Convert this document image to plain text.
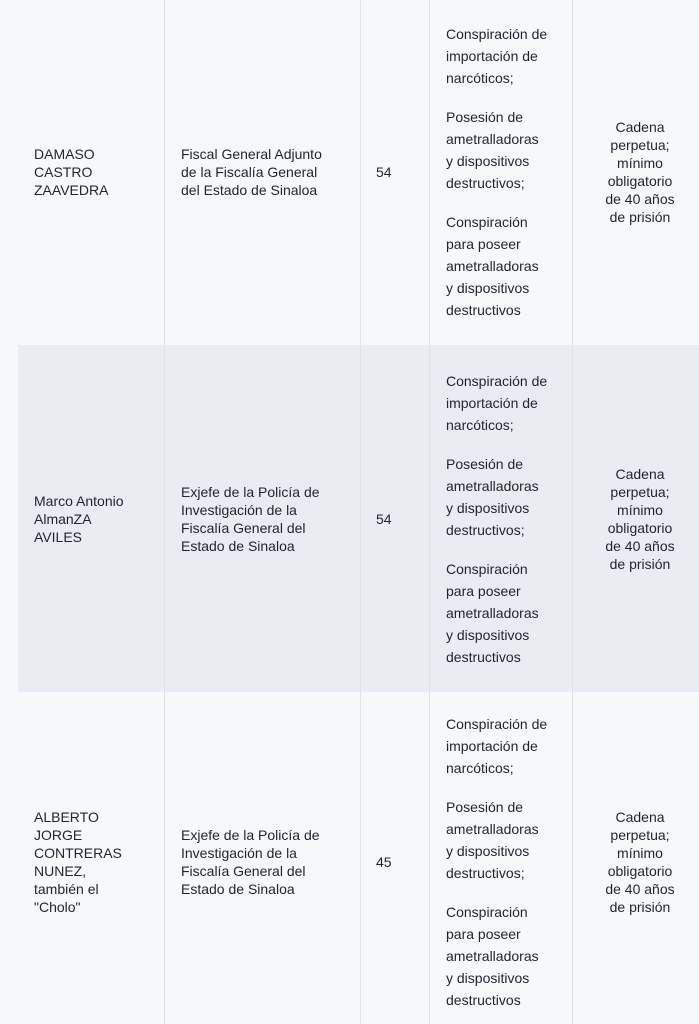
DAMASO
CASTRO
ZAAVEDRA
Fiscal General Adjunto
de la Fiscalía General
del Estado de Sinaloa
54
Conspiración de
importación de
narcóticos;
Posesión de
ametralladoras
y dispositivos
destructivos;
Conspiración
para poseer
ametralladoras
y dispositivos
destructivos
Cadena
perpetua;
mínimo
obligatorio
de 40 años
de prisión
Marco Antonio
AlmanZA
AVILES
Exjefe de la Policía de
Investigación de la
Fiscalía General del
Estado de Sinaloa
54
Conspiración de
importación de
narcóticos;
Posesión de
ametralladoras
y dispositivos
destructivos;
Conspiración
para poseer
ametralladoras
y dispositivos
destructivos
Cadena
perpetua;
mínimo
obligatorio
de 40 años
de prisión
ALBERTO
JORGE
CONTRERAS
NUNEZ,
también el
"Cholo"
Exjefe de la Policía de
Investigación de la
Fiscalía General del
Estado de Sinaloa
45
Conspiración de
importación de
narcóticos;
Posesión de
ametralladoras
y dispositivos
destructivos;
Conspiración
para poseer
ametralladoras
y dispositivos
destructivos
Cadena
perpetua;
mínimo
obligatorio
de 40 años
de prisión
